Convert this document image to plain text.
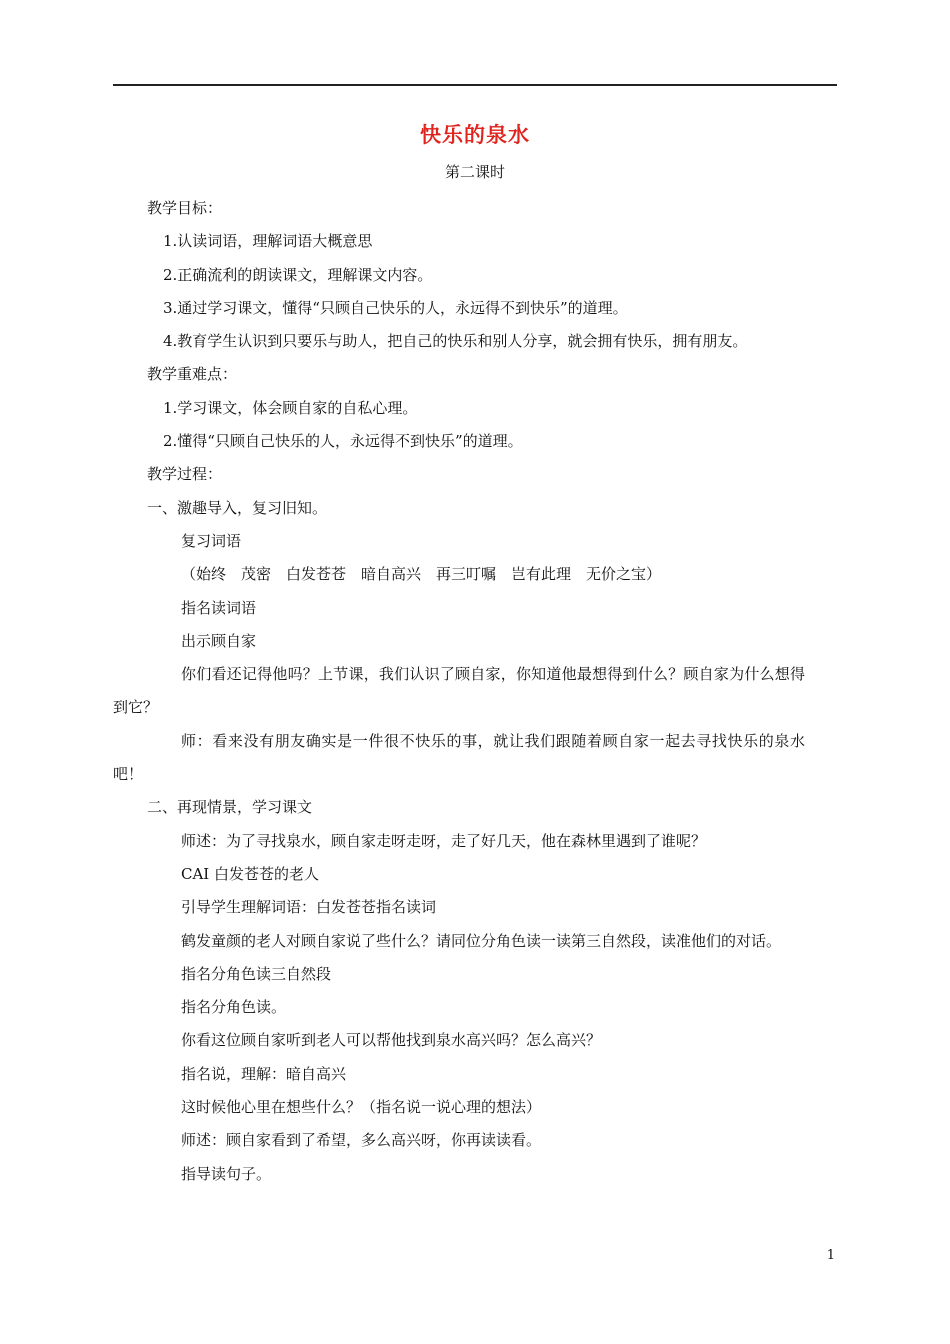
快乐的泉水
第二课时
教学目标：
1.认读词语，理解词语大概意思
2.正确流利的朗读课文，理解课文内容。
3.通过学习课文，懂得“只顾自己快乐的人，永远得不到快乐”的道理。
4.教育学生认识到只要乐与助人，把自己的快乐和别人分享，就会拥有快乐，拥有朋友。
教学重难点：
1.学习课文，体会顾自家的自私心理。
2.懂得“只顾自己快乐的人，永远得不到快乐”的道理。
教学过程：
一、激趣导入，复习旧知。
复习词语
（始终　茂密　白发苍苍　暗自高兴　再三叮嘱　岂有此理　无价之宝）
指名读词语
出示顾自家
你们看还记得他吗？上节课，我们认识了顾自家，你知道他最想得到什么？顾自家为什么想得到它？
师：看来没有朋友确实是一件很不快乐的事，就让我们跟随着顾自家一起去寻找快乐的泉水吧！
二、再现情景，学习课文
师述：为了寻找泉水，顾自家走呀走呀，走了好几天，他在森林里遇到了谁呢？
CAI 白发苍苍的老人
引导学生理解词语：白发苍苍指名读词
鹤发童颜的老人对顾自家说了些什么？请同位分角色读一读第三自然段，读准他们的对话。
指名分角色读三自然段
指名分角色读。
你看这位顾自家听到老人可以帮他找到泉水高兴吗？怎么高兴？
指名说，理解：暗自高兴
这时候他心里在想些什么？（指名说一说心理的想法）
师述：顾自家看到了希望，多么高兴呀，你再读读看。
指导读句子。
1
